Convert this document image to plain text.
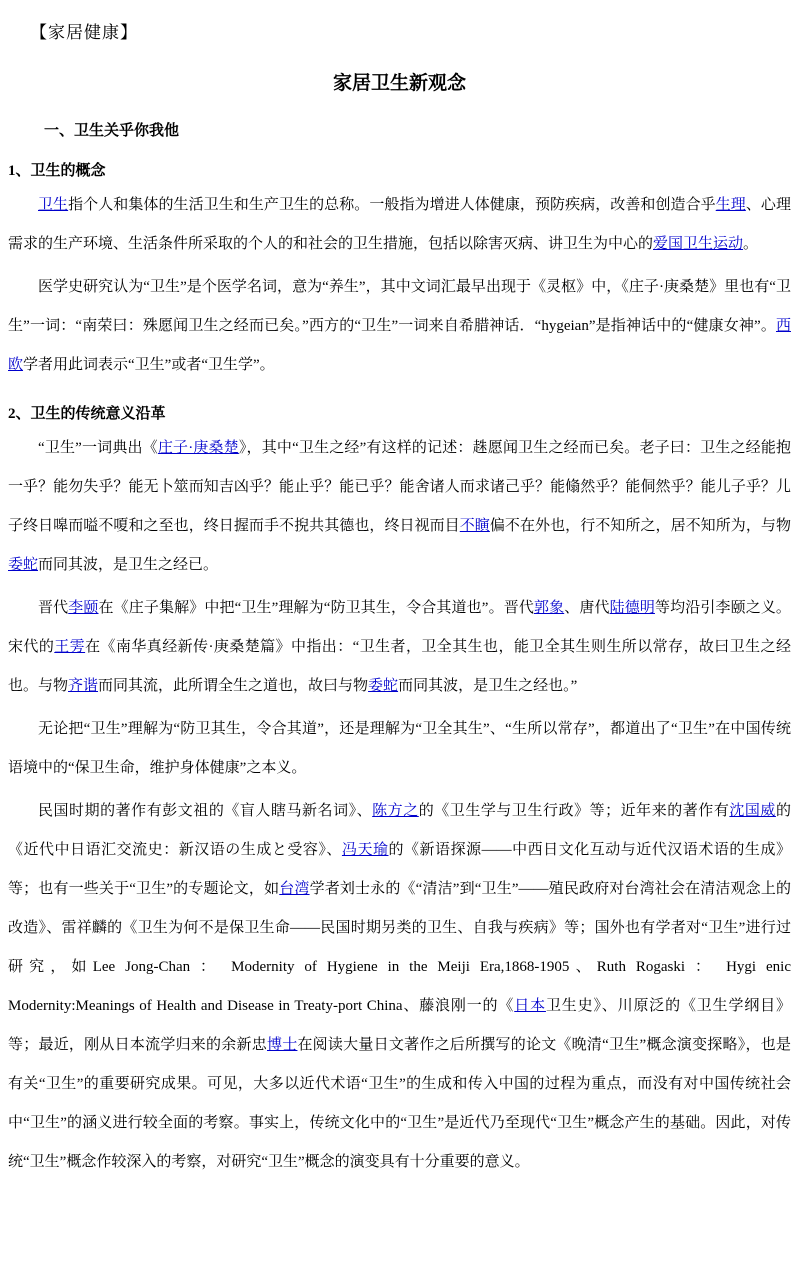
【家居健康】
家居卫生新观念
一、卫生关乎你我他
1、卫生的概念

卫生指个人和集体的生活卫生和生产卫生的总称。一般指为增进人体健康，预防疾病，改善和创造合乎生理、心理需求的生产环境、生活条件所采取的个人的和社会的卫生措施，包括以除害灭病、讲卫生为中心的爱国卫生运动。

医学史研究认为“卫生”是个医学名词，意为“养生”，其中文词汇最早出现于《灵枢》中，《庄子·庚桑楚》里也有“卫生”一词：“南荣曰：殊愿闻卫生之经而已矣。”西方的“卫生”一词来自希腊神话．“hygeian”是指神话中的“健康女神”。西欧学者用此词表示“卫生”或者“卫生学”。

2、卫生的传统意义沿革

“卫生”一词典出《庄子·庚桑楚》，其中“卫生之经”有这样的记述：趎愿闻卫生之经而已矣。老子曰：卫生之经能抱一乎？能勿失乎？能无卜筮而知吉凶乎？能止乎？能已乎？能舍诸人而求诸己乎？能翛然乎？能侗然乎？能儿子乎？儿子终日嗥而嗌不嗄和之至也，终日握而手不掜共其德也，终日视而目不瞚偏不在外也，行不知所之，居不知所为，与物委蛇而同其波，是卫生之经已。

晋代李颐在《庄子集解》中把“卫生”理解为“防卫其生，令合其道也”。晋代郭象、唐代陆德明等均沿引李颐之义。宋代的王雱在《南华真经新传·庚桑楚篇》中指出：“卫生者，卫全其生也，能卫全其生则生所以常存，故曰卫生之经也。与物齐谐而同其流，此所谓全生之道也，故曰与物委蛇而同其波，是卫生之经也。”

无论把“卫生”理解为“防卫其生，令合其道”，还是理解为“卫全其生”、“生所以常存”，都道出了“卫生”在中国传统语境中的“保卫生命，维护身体健康”之本义。

民国时期的著作有彭文祖的《盲人瞎马新名词》、陈方之的《卫生学与卫生行政》等；近年来的著作有沈国威的《近代中日语汇交流史：新汉语の生成と受容》、冯天瑜的《新语探源——中西日文化互动与近代汉语术语的生成》等；也有一些关于“卫生”的专题论文，如台湾学者刘士永的《“清洁”到“卫生”——殖民政府对台湾社会在清洁观念上的改造》、雷祥麟的《卫生为何不是保卫生命——民国时期另类的卫生、自我与疾病》等；国外也有学者对“卫生”进行过研究，如Lee Jong-Chan ： Modernity of Hygiene in the Meiji Era,1868-1905、Ruth Rogaski ： Hygi enic Modernity:Meanings of Health and Disease in Treaty-port China、藤浪刚一的《日本卫生史》、川原泛的《卫生学纲目》等；最近，刚从日本流学归来的余新忠博士在阅读大量日文著作之后所撰写的论文《晚清“卫生”概念演变探略》，也是有关“卫生”的重要研究成果。可见，大多以近代术语“卫生”的生成和传入中国的过程为重点，而没有对中国传统社会中“卫生”的涵义进行较全面的考察。事实上，传统文化中的“卫生”是近代乃至现代“卫生”概念产生的基础。因此，对传统“卫生”概念作较深入的考察，对研究“卫生”概念的演变具有十分重要的意义。
